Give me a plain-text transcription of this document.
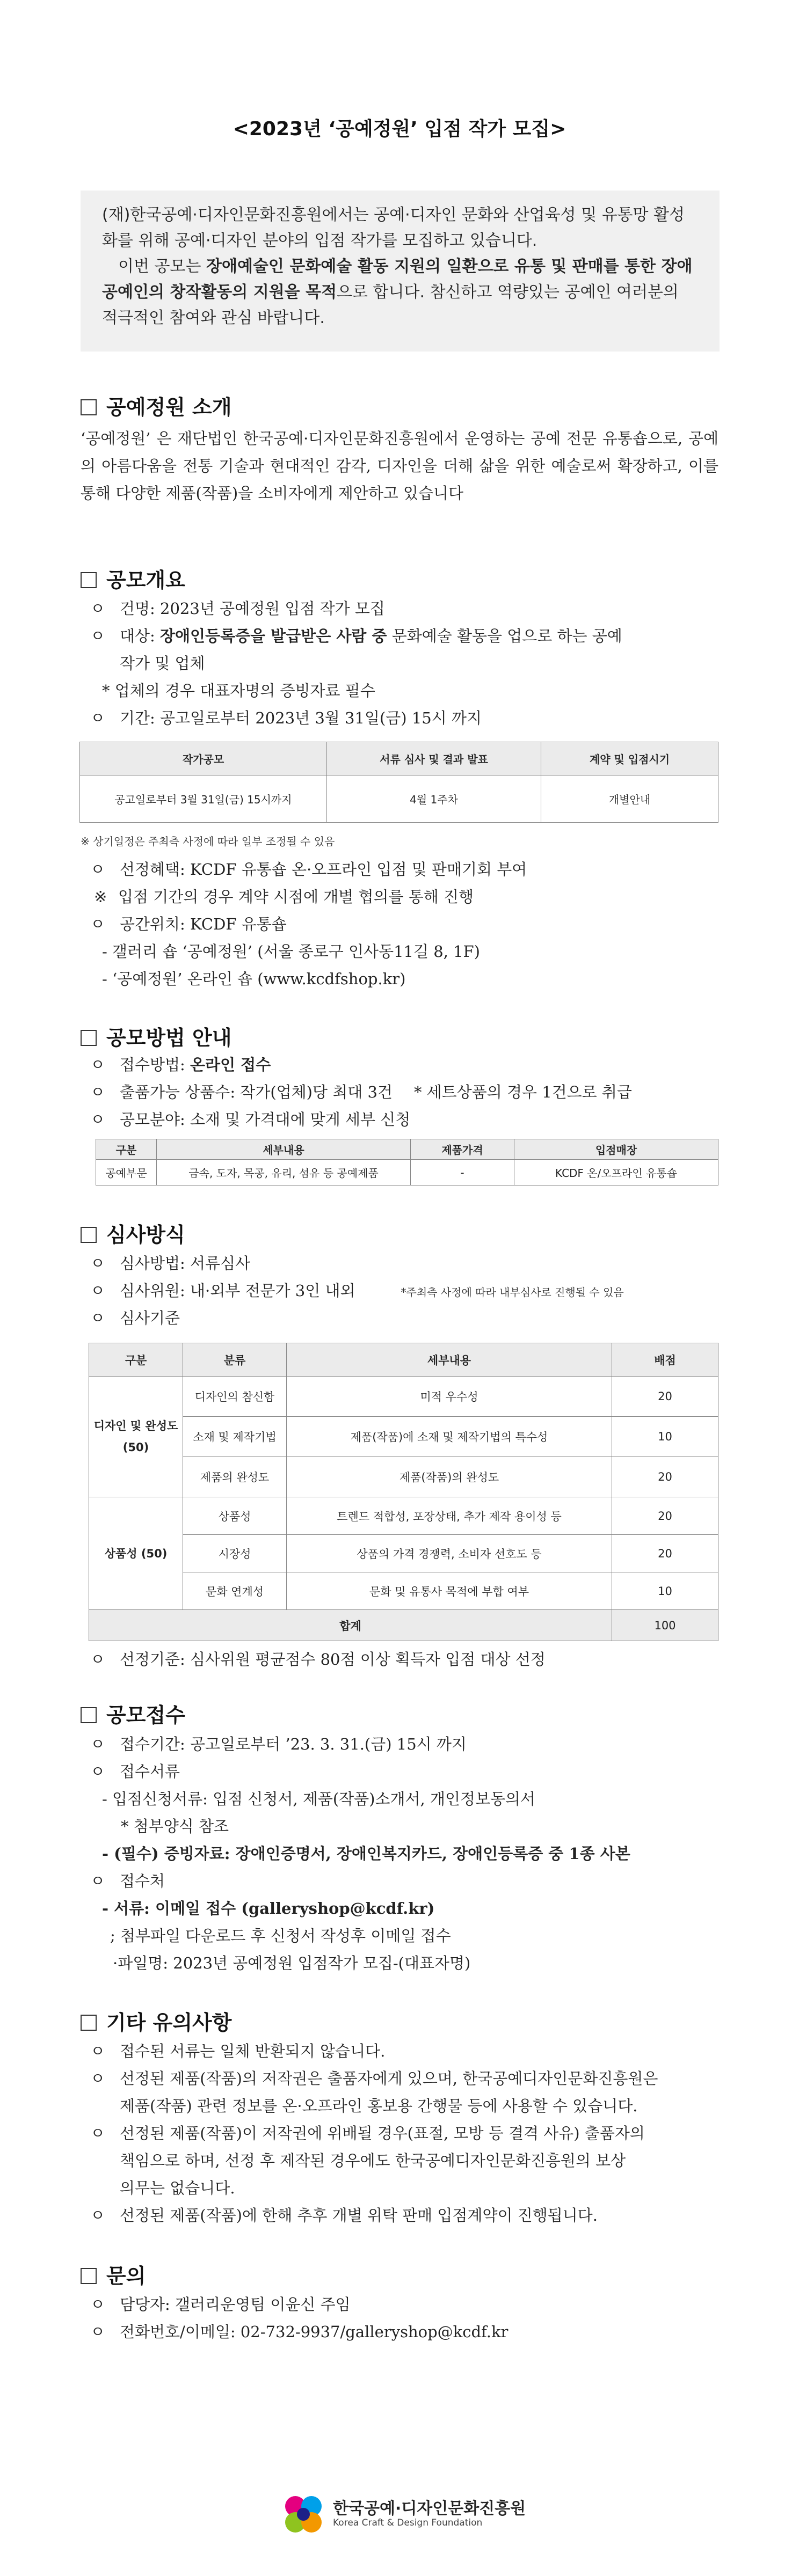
<2023년 ‘공예정원’ 입점 작가 모집>
(재)한국공예·디자인문화진흥원에서는 공예·디자인 문화와 산업육성 및 유통망 활성화를 위해 공예·디자인 분야의 입점 작가를 모집하고 있습니다.
이번 공모는 장애예술인 문화예술 활동 지원의 일환으로 유통 및 판매를 통한 장애공예인의 창작활동의 지원을 목적으로 합니다. 참신하고 역량있는 공예인 여러분의 적극적인 참여와 관심 바랍니다.
공예정원 소개
‘공예정원’ 은 재단법인 한국공예·디자인문화진흥원에서 운영하는 공예 전문 유통숍으로, 공예의 아름다움을 전통 기술과 현대적인 감각, 디자인을 더해 삶을 위한 예술로써 확장하고, 이를 통해 다양한 제품(작품)을 소비자에게 제안하고 있습니다
공모개요
ㅇ 건명: 2023년 공예정원 입점 작가 모집
ㅇ 대상: 장애인등록증을 발급받은 사람 중 문화예술 활동을 업으로 하는 공예
작가 및 업체
* 업체의 경우 대표자명의 증빙자료 필수
ㅇ 기간: 공고일로부터 2023년 3월 31일(금) 15시 까지
작가공모	서류 심사 및 결과 발표	계약 및 입점시기
공고일로부터 3월 31일(금) 15시까지	4월 1주차	개별안내
※ 상기일정은 주최측 사정에 따라 일부 조정될 수 있음
ㅇ 선정혜택: KCDF 유통숍 온·오프라인 입점 및 판매기회 부여
※ 입점 기간의 경우 계약 시점에 개별 협의를 통해 진행
ㅇ 공간위치: KCDF 유통숍
- 갤러리 숍 ‘공예정원’ (서울 종로구 인사동11길 8, 1F)
- ‘공예정원’ 온라인 숍 (www.kcdfshop.kr)
공모방법 안내
ㅇ 접수방법: 온라인 접수
ㅇ 출품가능 상품수: 작가(업체)당 최대 3건 * 세트상품의 경우 1건으로 취급
ㅇ 공모분야: 소재 및 가격대에 맞게 세부 신청
구분	세부내용	제품가격	입점매장
공예부문	금속, 도자, 목공, 유리, 섬유 등 공예제품	-	KCDF 온/오프라인 유통숍
심사방식
ㅇ 심사방법: 서류심사
ㅇ 심사위원: 내·외부 전문가 3인 내외	*주최측 사정에 따라 내부심사로 진행될 수 있음
ㅇ 심사기준
구분	분류	세부내용	배점
디자인 및 완성도 (50)	디자인의 참신함	미적 우수성	20
	소재 및 제작기법	제품(작품)에 소재 및 제작기법의 특수성	10
	제품의 완성도	제품(작품)의 완성도	20
상품성 (50)	상품성	트렌드 적합성, 포장상태, 추가 제작 용이성 등	20
	시장성	상품의 가격 경쟁력, 소비자 선호도 등	20
	문화 연계성	문화 및 유통사 목적에 부합 여부	10
합계			100
ㅇ 선정기준: 심사위원 평균점수 80점 이상 획득자 입점 대상 선정
공모접수
ㅇ 접수기간: 공고일로부터 ’23. 3. 31.(금) 15시 까지
ㅇ 접수서류
- 입점신청서류: 입점 신청서, 제품(작품)소개서, 개인정보동의서
* 첨부양식 참조
- (필수) 증빙자료: 장애인증명서, 장애인복지카드, 장애인등록증 중 1종 사본
ㅇ 접수처
- 서류: 이메일 접수 (galleryshop@kcdf.kr)
; 첨부파일 다운로드 후 신청서 작성후 이메일 접수
·파일명: 2023년 공예정원 입점작가 모집-(대표자명)
기타 유의사항
ㅇ 접수된 서류는 일체 반환되지 않습니다.
ㅇ 선정된 제품(작품)의 저작권은 출품자에게 있으며, 한국공예디자인문화진흥원은
제품(작품) 관련 정보를 온·오프라인 홍보용 간행물 등에 사용할 수 있습니다.
ㅇ 선정된 제품(작품)이 저작권에 위배될 경우(표절, 모방 등 결격 사유) 출품자의
책임으로 하며, 선정 후 제작된 경우에도 한국공예디자인문화진흥원의 보상
의무는 없습니다.
ㅇ 선정된 제품(작품)에 한해 추후 개별 위탁 판매 입점계약이 진행됩니다.
문의
ㅇ 담당자: 갤러리운영팀 이윤신 주임
ㅇ 전화번호/이메일: 02-732-9937/galleryshop@kcdf.kr
한국공예·디자인문화진흥원
Korea Craft & Design Foundation
